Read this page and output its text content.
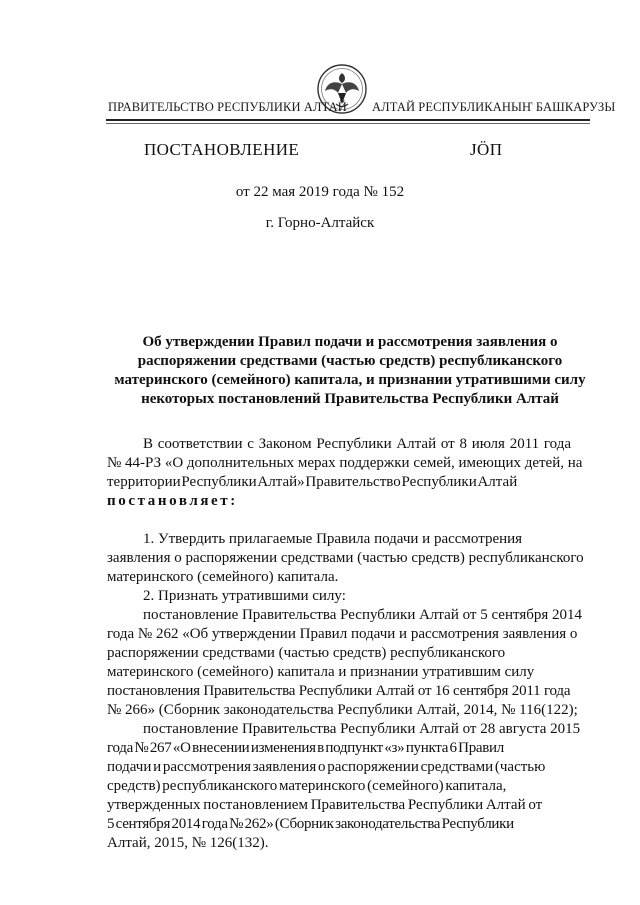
ПРАВИТЕЛЬСТВО РЕСПУБЛИКИ АЛТАЙ АЛТАЙ РЕСПУБЛИКАНЫҤ БАШКАРУЗЫ
ПОСТАНОВЛЕНИЕ	ЈӦП
от 22 мая 2019 года № 152
г. Горно-Алтайск
Об утверждении Правил подачи и рассмотрения заявления о
распоряжении средствами (частью средств) республиканского
материнского (семейного) капитала, и признании утратившими силу
некоторых постановлений Правительства Республики Алтай
В соответствии с Законом Республики Алтай от 8 июля 2011 года
№ 44-РЗ «О дополнительных мерах поддержки семей, имеющих детей, на
территории Республики Алтай» Правительство Республики Алтай
постановляет:
1. Утвердить прилагаемые Правила подачи и рассмотрения
заявления о распоряжении средствами (частью средств) республиканского
материнского (семейного) капитала.
2. Признать утратившими силу:
постановление Правительства Республики Алтай от 5 сентября 2014
года № 262 «Об утверждении Правил подачи и рассмотрения заявления о
распоряжении средствами (частью средств) республиканского
материнского (семейного) капитала и признании утратившим силу
постановления Правительства Республики Алтай от 16 сентября 2011 года
№ 266» (Сборник законодательства Республики Алтай, 2014, № 116(122);
постановление Правительства Республики Алтай от 28 августа 2015
года № 267 «О внесении изменения в подпункт «з» пункта 6 Правил
подачи и рассмотрения заявления о распоряжении средствами (частью
средств) республиканского материнского (семейного) капитала,
утвержденных постановлением Правительства Республики Алтай от
5 сентября 2014 года № 262» (Сборник законодательства Республики
Алтай, 2015, № 126(132).
